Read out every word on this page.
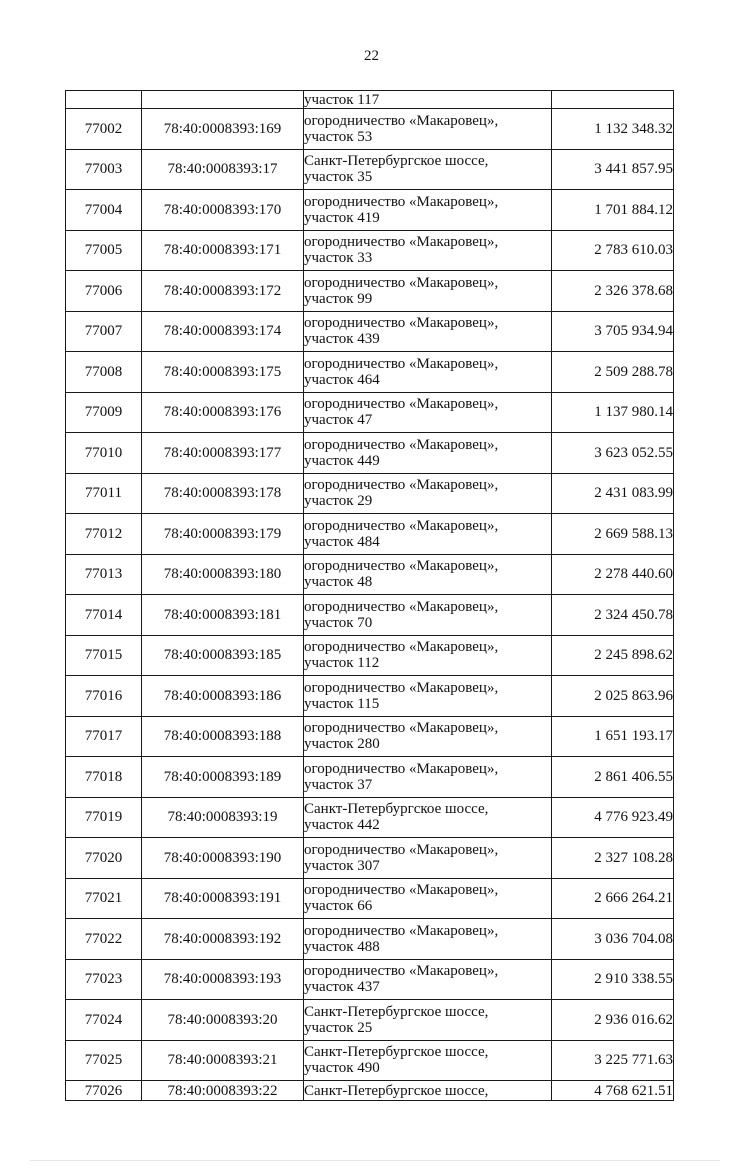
22
		участок 117	
77002	78:40:0008393:169	огородничество «Макаровец»,
участок 53	1 132 348.32
77003	78:40:0008393:17	Санкт-Петербургское шоссе,
участок 35	3 441 857.95
77004	78:40:0008393:170	огородничество «Макаровец»,
участок 419	1 701 884.12
77005	78:40:0008393:171	огородничество «Макаровец»,
участок 33	2 783 610.03
77006	78:40:0008393:172	огородничество «Макаровец»,
участок 99	2 326 378.68
77007	78:40:0008393:174	огородничество «Макаровец»,
участок 439	3 705 934.94
77008	78:40:0008393:175	огородничество «Макаровец»,
участок 464	2 509 288.78
77009	78:40:0008393:176	огородничество «Макаровец»,
участок 47	1 137 980.14
77010	78:40:0008393:177	огородничество «Макаровец»,
участок 449	3 623 052.55
77011	78:40:0008393:178	огородничество «Макаровец»,
участок 29	2 431 083.99
77012	78:40:0008393:179	огородничество «Макаровец»,
участок 484	2 669 588.13
77013	78:40:0008393:180	огородничество «Макаровец»,
участок 48	2 278 440.60
77014	78:40:0008393:181	огородничество «Макаровец»,
участок 70	2 324 450.78
77015	78:40:0008393:185	огородничество «Макаровец»,
участок 112	2 245 898.62
77016	78:40:0008393:186	огородничество «Макаровец»,
участок 115	2 025 863.96
77017	78:40:0008393:188	огородничество «Макаровец»,
участок 280	1 651 193.17
77018	78:40:0008393:189	огородничество «Макаровец»,
участок 37	2 861 406.55
77019	78:40:0008393:19	Санкт-Петербургское шоссе,
участок 442	4 776 923.49
77020	78:40:0008393:190	огородничество «Макаровец»,
участок 307	2 327 108.28
77021	78:40:0008393:191	огородничество «Макаровец»,
участок 66	2 666 264.21
77022	78:40:0008393:192	огородничество «Макаровец»,
участок 488	3 036 704.08
77023	78:40:0008393:193	огородничество «Макаровец»,
участок 437	2 910 338.55
77024	78:40:0008393:20	Санкт-Петербургское шоссе,
участок 25	2 936 016.62
77025	78:40:0008393:21	Санкт-Петербургское шоссе,
участок 490	3 225 771.63
77026	78:40:0008393:22	Санкт-Петербургское шоссе,	4 768 621.51
